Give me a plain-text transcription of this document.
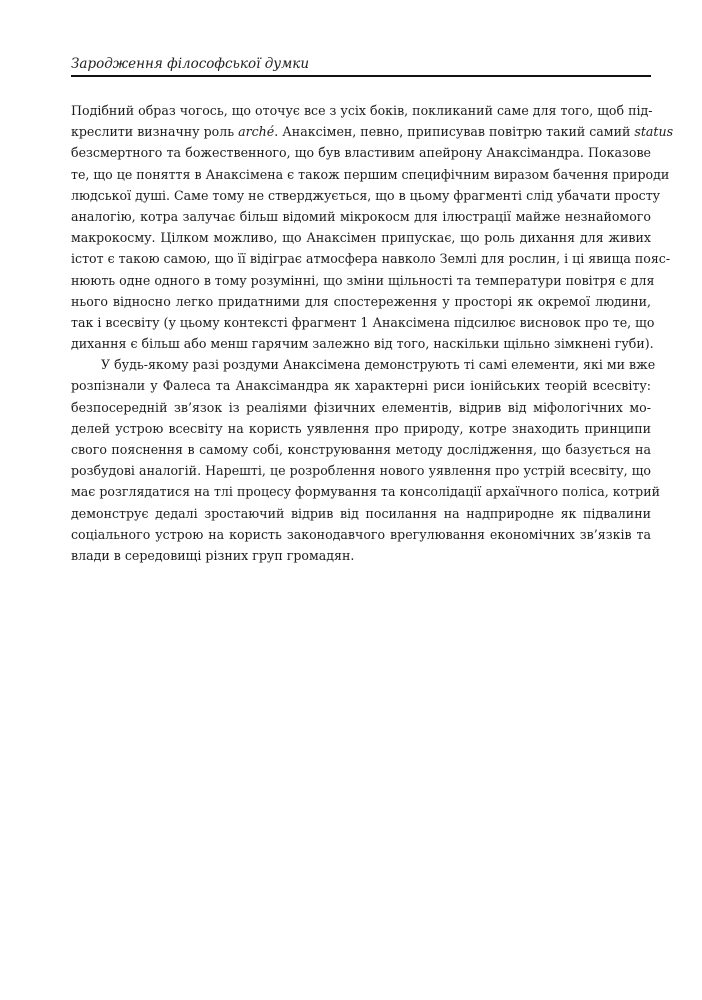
Зародження філософської думки
Подібний образ чогось, що оточує все з усіх боків, покликаний саме для того, щоб під-
креслити визначну роль arché. Анаксімен, певно, приписував повітрю такий самий status
безсмертного та божественного, що був властивим апейрону Анаксімандра. Показове
те, що це поняття в Анаксімена є також першим специфічним виразом бачення природи
людської душі. Саме тому не стверджується, що в цьому фрагменті слід убачати просту
аналогію, котра залучає більш відомий мікрокосм для ілюстрації майже незнайомого
макрокосму. Цілком можливо, що Анаксімен припускає, що роль дихання для живих
істот є такою самою, що її відіграє атмосфера навколо Землі для рослин, і ці явища пояс-
нюють одне одного в тому розумінні, що зміни щільності та температури повітря є для
нього відносно легко придатними для спостереження у просторі як окремої людини,
так і всесвіту (у цьому контексті фрагмент 1 Анаксімена підсилює висновок про те, що
дихання є більш або менш гарячим залежно від того, наскільки щільно зімкнені губи).
У будь-якому разі роздуми Анаксімена демонструють ті самі елементи, які ми вже
розпізнали у Фалеса та Анаксімандра як характерні риси іонійських теорій всесвіту:
безпосередній зв’язок із реаліями фізичних елементів, відрив від міфологічних мо-
делей устрою всесвіту на користь уявлення про природу, котре знаходить принципи
свого пояснення в самому собі, конструювання методу дослідження, що базується на
розбудові аналогій. Нарешті, це розроблення нового уявлення про устрій всесвіту, що
має розглядатися на тлі процесу формування та консолідації архаїчного поліса, котрий
демонструє дедалі зростаючий відрив від посилання на надприродне як підвалини
соціального устрою на користь законодавчого врегулювання економічних зв’язків та
влади в середовищі різних груп громадян.
